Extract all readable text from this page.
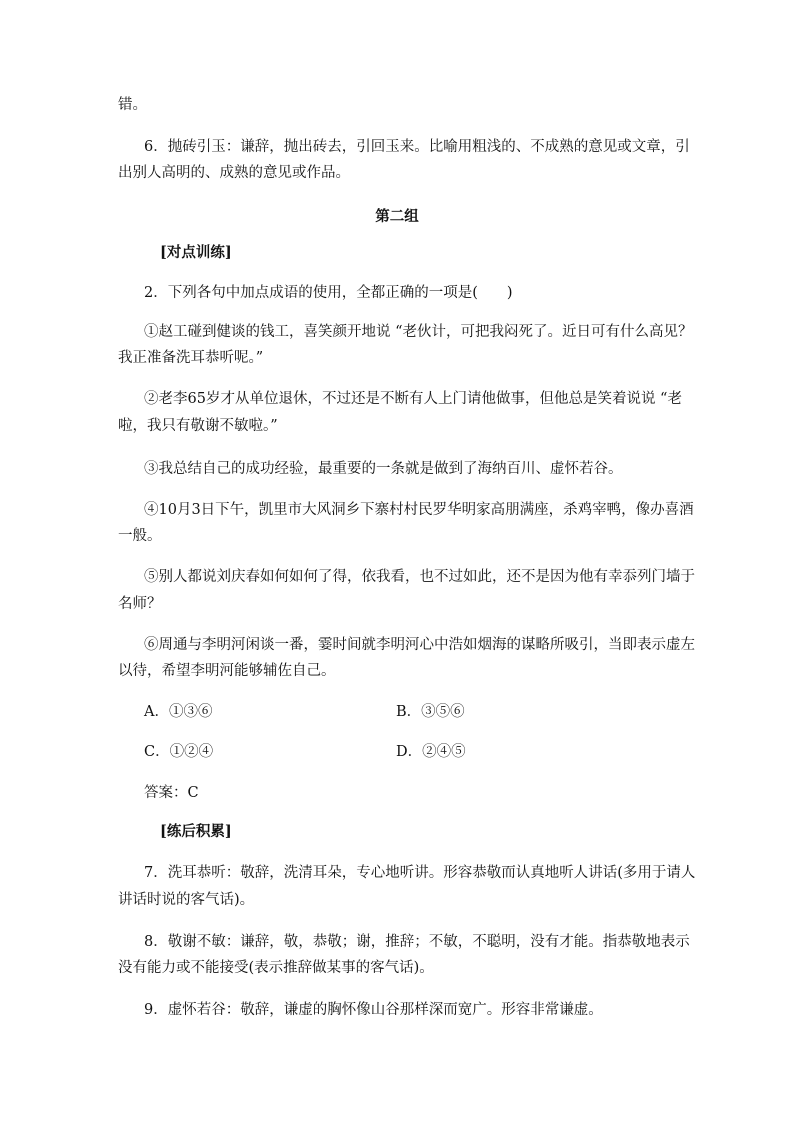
错。
6．抛砖引玉：谦辞，抛出砖去，引回玉来。比喻用粗浅的、不成熟的意见或文章，引
出别人高明的、成熟的意见或作品。
第二组
[对点训练]
2．下列各句中加点成语的使用，全都正确的一项是(　　)
①赵工碰到健谈的钱工，喜笑颜开地说 “老伙计，可把我闷死了。近日可有什么高见？
我正准备洗耳恭听呢。”
②老李65岁才从单位退休，不过还是不断有人上门请他做事，但他总是笑着说说 “老
啦，我只有敬谢不敏啦。”
③我总结自己的成功经验，最重要的一条就是做到了海纳百川、虚怀若谷。
④10月3日下午，凯里市大风洞乡下寨村村民罗华明家高朋满座，杀鸡宰鸭，像办喜酒
一般。
⑤别人都说刘庆春如何如何了得，依我看，也不过如此，还不是因为他有幸忝列门墙于
名师？
⑥周通与李明河闲谈一番，霎时间就李明河心中浩如烟海的谋略所吸引，当即表示虚左
以待，希望李明河能够辅佐自己。
A．①③⑥	B．③⑤⑥
C．①②④	D．②④⑤
答案：C
[练后积累]
7．洗耳恭听：敬辞，洗清耳朵，专心地听讲。形容恭敬而认真地听人讲话(多用于请人
讲话时说的客气话)。
8．敬谢不敏：谦辞，敬，恭敬；谢，推辞；不敏，不聪明，没有才能。指恭敬地表示
没有能力或不能接受(表示推辞做某事的客气话)。
9．虚怀若谷：敬辞，谦虚的胸怀像山谷那样深而宽广。形容非常谦虚。
